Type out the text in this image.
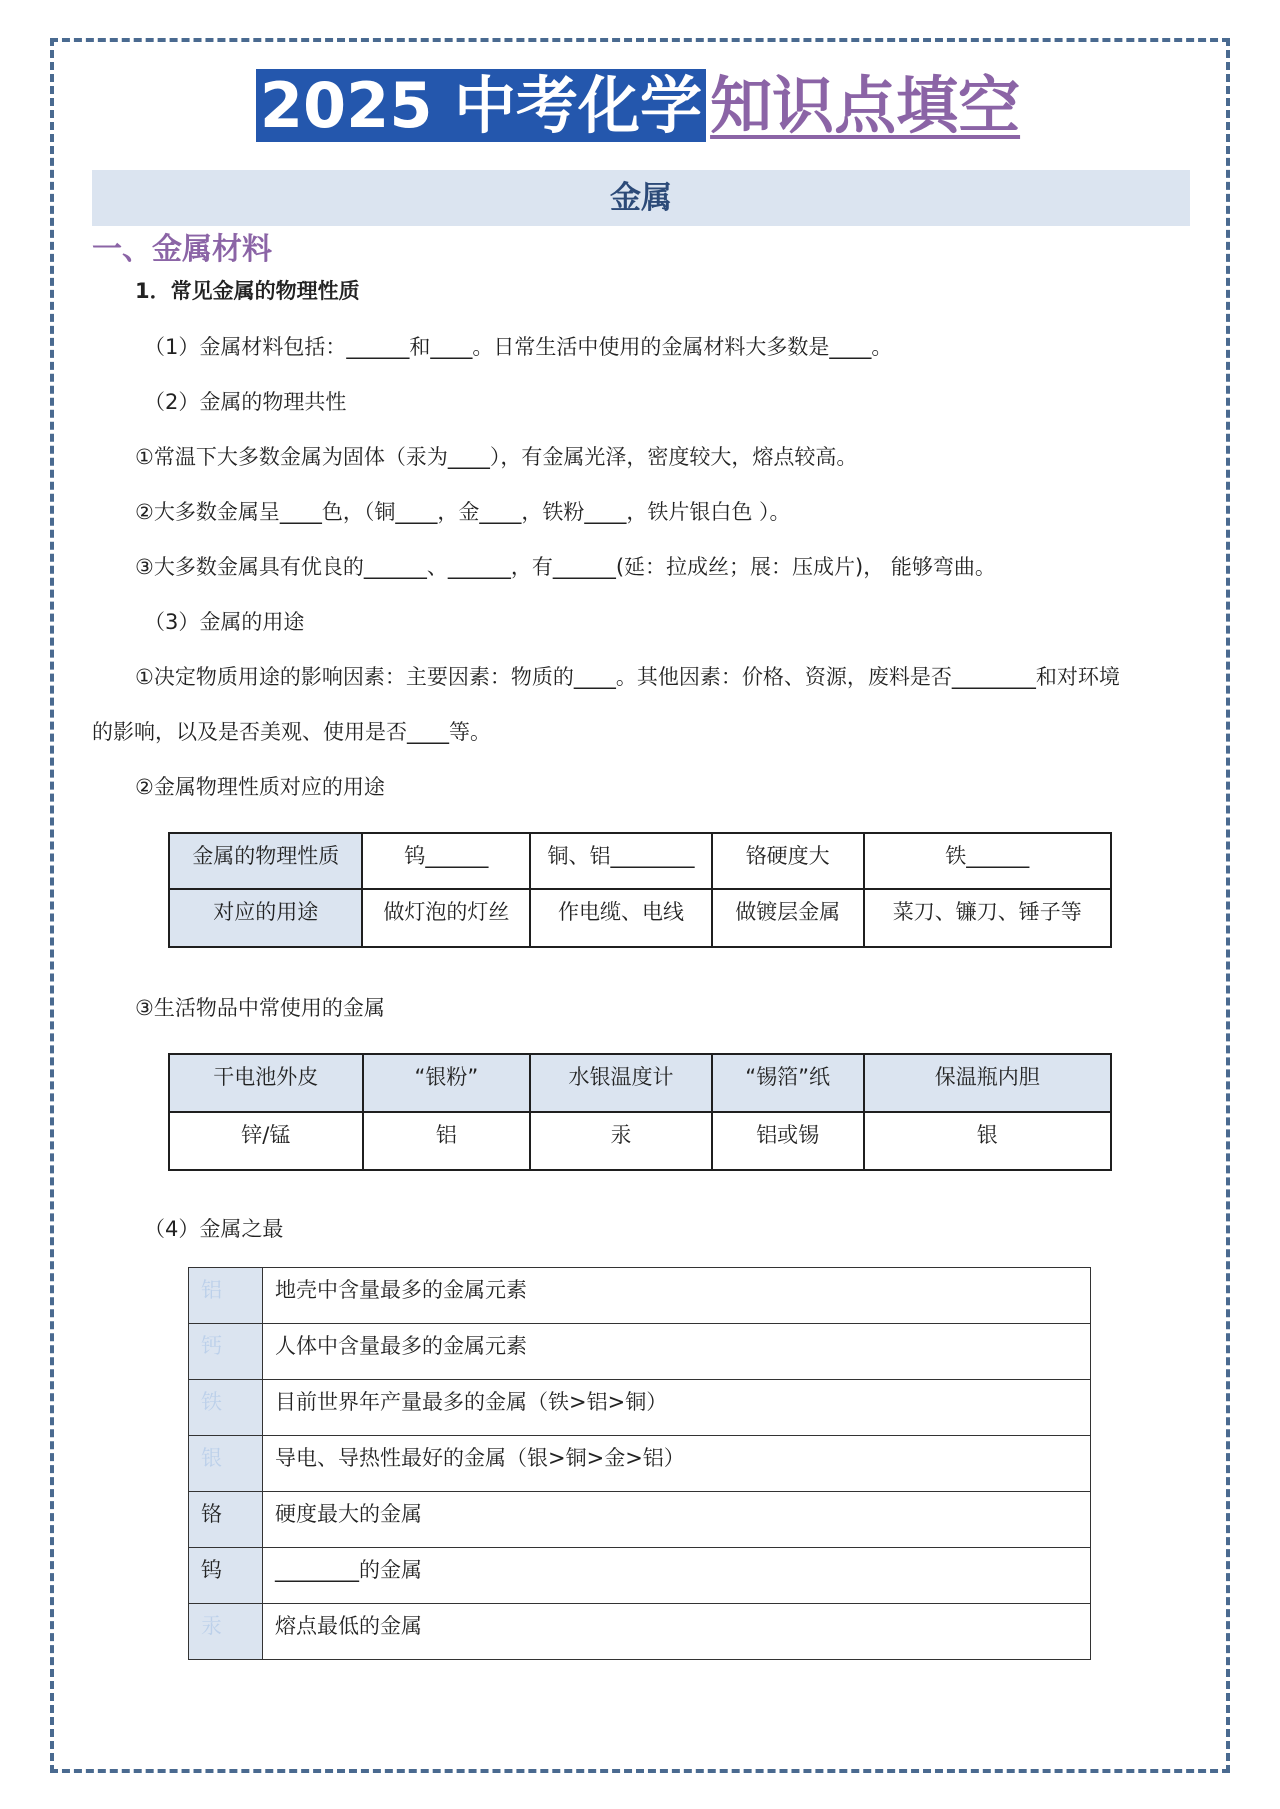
2025 中考化学 知识点填空
金属
一、金属材料
1．常见金属的物理性质
（1）金属材料包括：______和____。日常生活中使用的金属材料大多数是____。
（2）金属的物理共性
①常温下大多数金属为固体（汞为____），有金属光泽，密度较大，熔点较高。
②大多数金属呈____色，（铜____，金____，铁粉____，铁片银白色 ）。
③大多数金属具有优良的______、______，有______(延：拉成丝；展：压成片)， 能够弯曲。
（3）金属的用途
①决定物质用途的影响因素：主要因素：物质的____。其他因素：价格、资源，废料是否________和对环境
的影响，以及是否美观、使用是否____等。
②金属物理性质对应的用途
金属的物理性质	钨______	铜、铝________	铬硬度大	铁______
对应的用途	做灯泡的灯丝	作电缆、电线	做镀层金属	菜刀、镰刀、锤子等
③生活物品中常使用的金属
干电池外皮	“银粉”	水银温度计	“锡箔”纸	保温瓶内胆
锌/锰	铝	汞	铝或锡	银
（4）金属之最
铝	地壳中含量最多的金属元素
钙	人体中含量最多的金属元素
铁	目前世界年产量最多的金属（铁>铝>铜）
银	导电、导热性最好的金属（银>铜>金>铝）
铬	硬度最大的金属
钨	________的金属
汞	熔点最低的金属
